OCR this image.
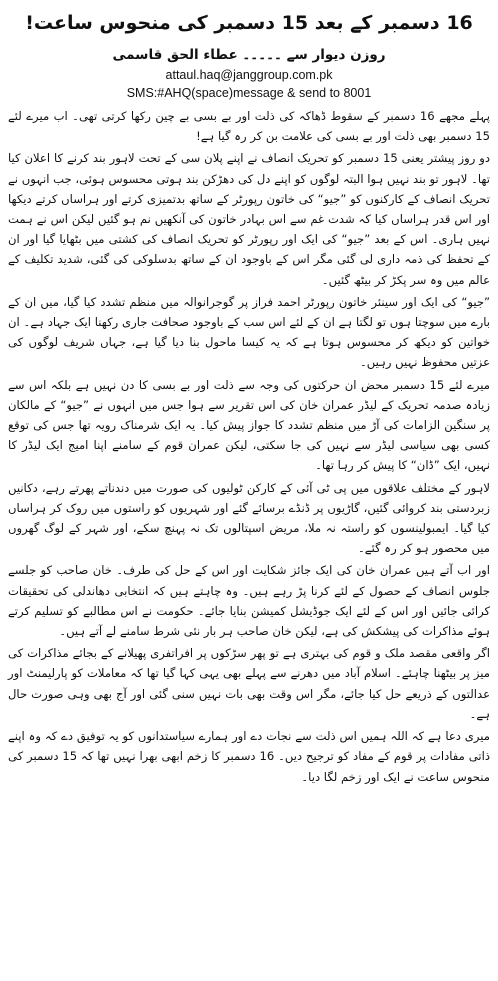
16 دسمبر کے بعد 15 دسمبر کی منحوس ساعت!
روزن دیوار سے ۔۔۔۔۔ عطاء الحق قاسمی
attaul.haq@janggroup.com.pk
SMS:#AHQ(space)message & send to 8001

پہلے مجھے 16 دسمبر کے سقوط ڈھاکہ کی ذلت اور بے بسی بے چین رکھا کرتی تھی۔ اب میرے لئے 15 دسمبر بھی ذلت اور بے بسی کی علامت بن کر رہ گیا ہے!

دو روز پیشتر یعنی 15 دسمبر کو تحریک انصاف نے اپنے پلان سی کے تحت لاہور بند کرنے کا اعلان کیا تھا۔ لاہور تو بند نہیں ہوا البتہ لوگوں کو اپنے دل کی دھڑکن بند ہوتی محسوس ہوئی، جب انہوں نے تحریک انصاف کے کارکنوں کو ”جیو“ کی خاتون رپورٹر کے ساتھ بدتمیزی کرتے اور ہراساں کرتے دیکھا اور اس قدر ہراساں کیا کہ شدت غم سے اس بہادر خاتون کی آنکھیں نم ہو گئیں لیکن اس نے ہمت نہیں ہاری۔ اس کے بعد ”جیو“ کی ایک اور رپورٹر کو تحریک انصاف کی کشتی میں بٹھایا گیا اور ان کے تحفظ کی ذمہ داری لی گئی مگر اس کے باوجود ان کے ساتھ بدسلوکی کی گئی، شدید تکلیف کے عالم میں وہ سر پکڑ کر بیٹھ گئیں۔

”جیو“ کی ایک اور سینئر خاتون رپورٹر احمد فراز پر گوجرانوالہ میں منظم تشدد کیا گیا، میں ان کے بارے میں سوچتا ہوں تو لگتا ہے ان کے لئے اس سب کے باوجود صحافت جاری رکھنا ایک جہاد ہے۔ ان خواتین کو دیکھ کر محسوس ہوتا ہے کہ یہ کیسا ماحول بنا دیا گیا ہے، جہاں شریف لوگوں کی عزتیں محفوظ نہیں رہیں۔

میرے لئے 15 دسمبر محض ان حرکتوں کی وجہ سے ذلت اور بے بسی کا دن نہیں ہے بلکہ اس سے زیادہ صدمہ تحریک کے لیڈر عمران خان کی اس تقریر سے ہوا جس میں انہوں نے ”جیو“ کے مالکان پر سنگین الزامات کی آڑ میں منظم تشدد کا جواز پیش کیا۔ یہ ایک شرمناک رویہ تھا جس کی توقع کسی بھی سیاسی لیڈر سے نہیں کی جا سکتی، لیکن عمران قوم کے سامنے اپنا امیج ایک لیڈر کا نہیں، ایک ”ڈان“ کا پیش کر رہا تھا۔

لاہور کے مختلف علاقوں میں پی ٹی آئی کے کارکن ٹولیوں کی صورت میں دندناتے پھرتے رہے، دکانیں زبردستی بند کروائی گئیں، گاڑیوں پر ڈنڈے برسائے گئے اور شہریوں کو راستوں میں روک کر ہراساں کیا گیا۔ ایمبولینسوں کو راستہ نہ ملا، مریض اسپتالوں تک نہ پہنچ سکے، اور شہر کے لوگ گھروں میں محصور ہو کر رہ گئے۔

اور اب آتے ہیں عمران خان کی ایک جائز شکایت اور اس کے حل کی طرف۔ خان صاحب کو جلسے جلوس انصاف کے حصول کے لئے کرنا پڑ رہے ہیں۔ وہ چاہتے ہیں کہ انتخابی دھاندلی کی تحقیقات کرائی جائیں اور اس کے لئے ایک جوڈیشل کمیشن بنایا جائے۔ حکومت نے اس مطالبے کو تسلیم کرتے ہوئے مذاکرات کی پیشکش کی ہے، لیکن خان صاحب ہر بار نئی شرط سامنے لے آتے ہیں۔

اگر واقعی مقصد ملک و قوم کی بہتری ہے تو پھر سڑکوں پر افراتفری پھیلانے کے بجائے مذاکرات کی میز پر بیٹھنا چاہئے۔ اسلام آباد میں دھرنے سے پہلے بھی یہی کہا گیا تھا کہ معاملات کو پارلیمنٹ اور عدالتوں کے ذریعے حل کیا جائے، مگر اس وقت بھی بات نہیں سنی گئی اور آج بھی وہی صورت حال ہے۔

میری دعا ہے کہ اللہ ہمیں اس ذلت سے نجات دے اور ہمارے سیاستدانوں کو یہ توفیق دے کہ وہ اپنے ذاتی مفادات پر قوم کے مفاد کو ترجیح دیں۔ 16 دسمبر کا زخم ابھی بھرا نہیں تھا کہ 15 دسمبر کی منحوس ساعت نے ایک اور زخم لگا دیا۔
